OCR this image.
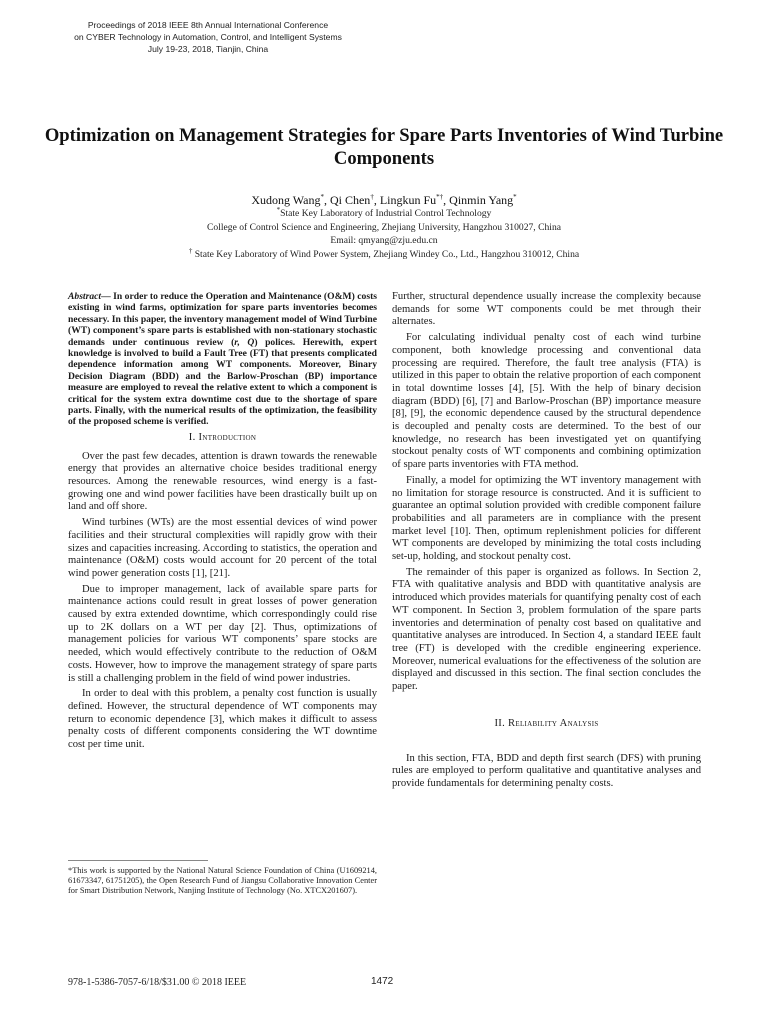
Proceedings of 2018 IEEE 8th Annual International Conference
on CYBER Technology in Automation, Control, and Intelligent Systems
July 19-23, 2018, Tianjin, China
Optimization on Management Strategies for Spare Parts Inventories of Wind Turbine Components
Xudong Wang*, Qi Chen†, Lingkun Fu*†, Qinmin Yang*
*State Key Laboratory of Industrial Control Technology
College of Control Science and Engineering, Zhejiang University, Hangzhou 310027, China
Email: qmyang@zju.edu.cn
† State Key Laboratory of Wind Power System, Zhejiang Windey Co., Ltd., Hangzhou 310012, China

Abstract— In order to reduce the Operation and Maintenance (O&M) costs existing in wind farms, optimization for spare parts inventories becomes necessary. In this paper, the inventory management model of Wind Turbine (WT) component’s spare parts is established with non-stationary stochastic demands under continuous review (r, Q) polices. Herewith, expert knowledge is involved to build a Fault Tree (FT) that presents complicated dependence information among WT components. Moreover, Binary Decision Diagram (BDD) and the Barlow-Proschan (BP) importance measure are employed to reveal the relative extent to which a component is critical for the system extra downtime cost due to the shortage of spare parts. Finally, with the numerical results of the optimization, the feasibility of the proposed scheme is verified.

I. Introduction

Over the past few decades, attention is drawn towards the renewable energy that provides an alternative choice besides traditional energy resources. Among the renewable resources, wind energy is a fast-growing one and wind power facilities have been drastically built up on land and off shore.

Wind turbines (WTs) are the most essential devices of wind power facilities and their structural complexities will rapidly grow with their sizes and capacities increasing. According to statistics, the operation and maintenance (O&M) costs would account for 20 percent of the total wind power generation costs [1], [21].

Due to improper management, lack of available spare parts for maintenance actions could result in great losses of power generation caused by extra extended downtime, which correspondingly could rise up to 2K dollars on a WT per day [2]. Thus, optimizations of management policies for various WT components’ spare stocks are needed, which would effectively contribute to the reduction of O&M costs. However, how to improve the management strategy of spare parts is still a challenging problem in the field of wind power industries.

In order to deal with this problem, a penalty cost function is usually defined. However, the structural dependence of WT components may return to economic dependence [3], which makes it difficult to assess penalty costs of different components considering the WT downtime cost per time unit.

*This work is supported by the National Natural Science Foundation of China (U1609214, 61673347, 61751205), the Open Research Fund of Jiangsu Collaborative Innovation Center for Smart Distribution Network, Nanjing Institute of Technology (No. XTCX201607).

Further, structural dependence usually increase the complexity because demands for some WT components could be met through their alternates.

For calculating individual penalty cost of each wind turbine component, both knowledge processing and conventional data processing are required. Therefore, the fault tree analysis (FTA) is utilized in this paper to obtain the relative proportion of each component in total downtime losses [4], [5]. With the help of binary decision diagram (BDD) [6], [7] and Barlow-Proschan (BP) importance measure [8], [9], the economic dependence caused by the structural dependence is decoupled and penalty costs are determined. To the best of our knowledge, no research has been investigated yet on quantifying stockout penalty costs of WT components and combining optimization of spare parts inventories with FTA method.

Finally, a model for optimizing the WT inventory management with no limitation for storage resource is constructed. And it is sufficient to guarantee an optimal solution provided with credible component failure probabilities and all parameters are in compliance with the present market level [10]. Then, optimum replenishment policies for different WT components are developed by minimizing the total costs including set-up, holding, and stockout penalty cost.

The remainder of this paper is organized as follows. In Section 2, FTA with qualitative analysis and BDD with quantitative analysis are introduced which provides materials for quantifying penalty cost of each WT component. In Section 3, problem formulation of the spare parts inventories and determination of penalty cost based on qualitative and quantitative analyses are introduced. In Section 4, a standard IEEE fault tree (FT) is developed with the credible engineering experience. Moreover, numerical evaluations for the effectiveness of the solution are displayed and discussed in this section. The final section concludes the paper.

II. Reliability Analysis

In this section, FTA, BDD and depth first search (DFS) with pruning rules are employed to perform qualitative and quantitative analyses and provide fundamentals for determining penalty costs.

978-1-5386-7057-6/18/$31.00 © 2018 IEEE	1472
